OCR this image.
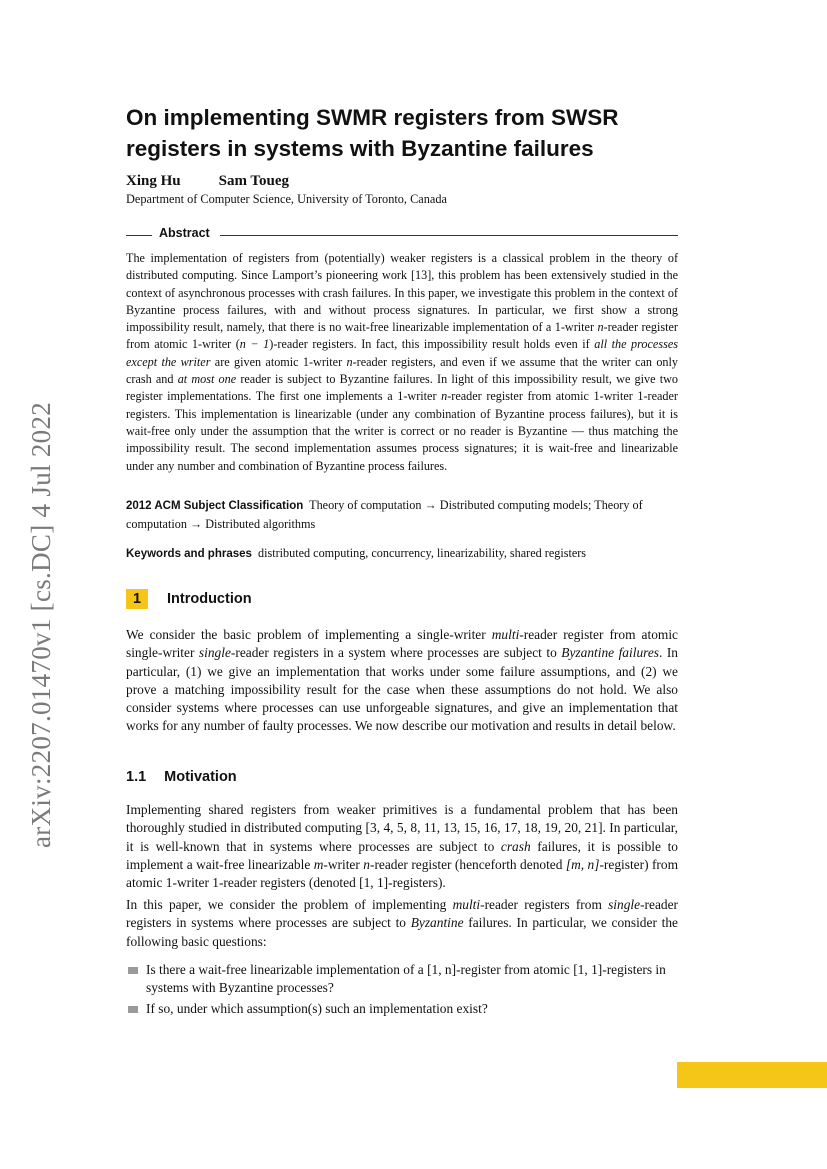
arXiv:2207.01470v1 [cs.DC] 4 Jul 2022
On implementing SWMR registers from SWSR
registers in systems with Byzantine failures
Xing Hu	Sam Toueg
Department of Computer Science, University of Toronto, Canada
Abstract
The implementation of registers from (potentially) weaker registers is a classical problem in the theory of distributed computing. Since Lamport’s pioneering work [13], this problem has been extensively studied in the context of asynchronous processes with crash failures. In this paper, we investigate this problem in the context of Byzantine process failures, with and without process signatures. In particular, we first show a strong impossibility result, namely, that there is no wait-free linearizable implementation of a 1-writer n-reader register from atomic 1-writer (n − 1)-reader registers. In fact, this impossibility result holds even if all the processes except the writer are given atomic 1-writer n-reader registers, and even if we assume that the writer can only crash and at most one reader is subject to Byzantine failures. In light of this impossibility result, we give two register implementations. The first one implements a 1-writer n-reader register from atomic 1-writer 1-reader registers. This implementation is linearizable (under any combination of Byzantine process failures), but it is wait-free only under the assumption that the writer is correct or no reader is Byzantine — thus matching the impossibility result. The second implementation assumes process signatures; it is wait-free and linearizable under any number and combination of Byzantine process failures.
2012 ACM Subject Classification Theory of computation → Distributed computing models; Theory of computation → Distributed algorithms
Keywords and phrases distributed computing, concurrency, linearizability, shared registers
1	Introduction
We consider the basic problem of implementing a single-writer multi-reader register from atomic single-writer single-reader registers in a system where processes are subject to Byzantine failures. In particular, (1) we give an implementation that works under some failure assumptions, and (2) we prove a matching impossibility result for the case when these assumptions do not hold. We also consider systems where processes can use unforgeable signatures, and give an implementation that works for any number of faulty processes. We now describe our motivation and results in detail below.
1.1 Motivation
Implementing shared registers from weaker primitives is a fundamental problem that has been thoroughly studied in distributed computing [3, 4, 5, 8, 11, 13, 15, 16, 17, 18, 19, 20, 21]. In particular, it is well-known that in systems where processes are subject to crash failures, it is possible to implement a wait-free linearizable m-writer n-reader register (henceforth denoted [m, n]-register) from atomic 1-writer 1-reader registers (denoted [1, 1]-registers).
In this paper, we consider the problem of implementing multi-reader registers from single-reader registers in systems where processes are subject to Byzantine failures. In particular, we consider the following basic questions:
Is there a wait-free linearizable implementation of a [1, n]-register from atomic [1, 1]-registers in systems with Byzantine processes?
If so, under which assumption(s) such an implementation exist?
